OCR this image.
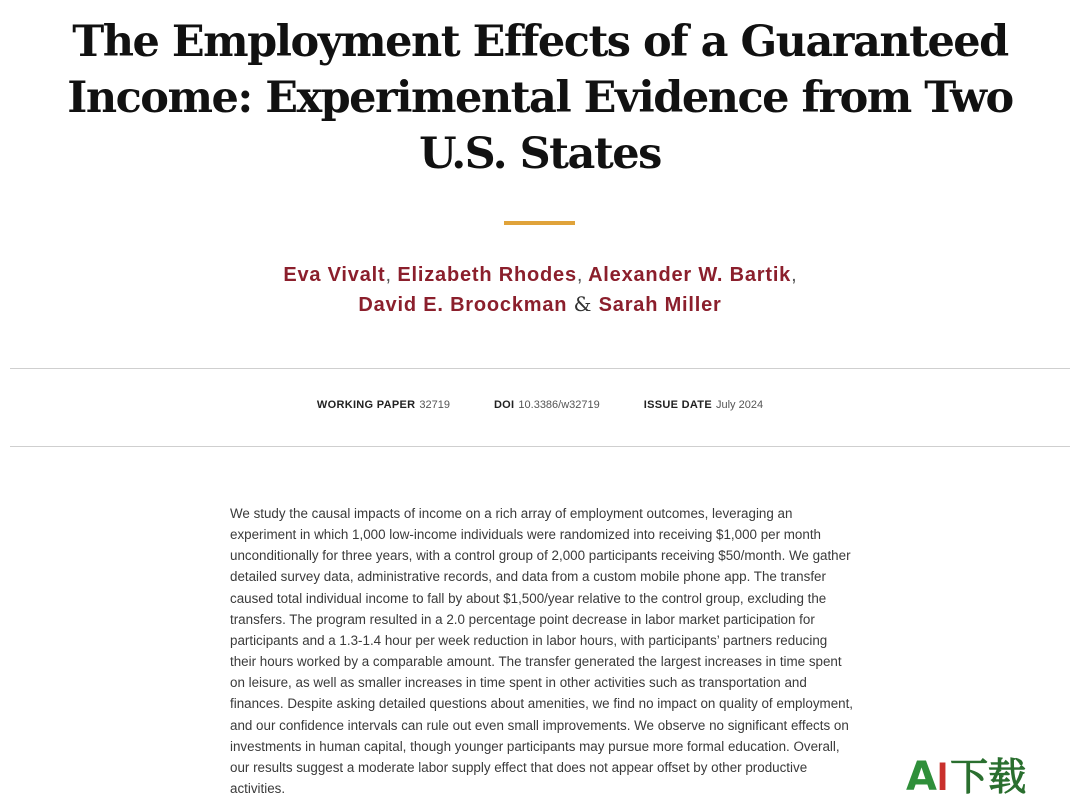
The Employment Effects of a Guaranteed Income: Experimental Evidence from Two U.S. States
Eva Vivalt, Elizabeth Rhodes, Alexander W. Bartik,
David E. Broockman & Sarah Miller
WORKING PAPER 32719	DOI 10.3386/w32719	ISSUE DATE July 2024

We study the causal impacts of income on a rich array of employment outcomes, leveraging an experiment in which 1,000 low-income individuals were randomized into receiving $1,000 per month unconditionally for three years, with a control group of 2,000 participants receiving $50/month. We gather detailed survey data, administrative records, and data from a custom mobile phone app. The transfer caused total individual income to fall by about $1,500/year relative to the control group, excluding the transfers. The program resulted in a 2.0 percentage point decrease in labor market participation for participants and a 1.3-1.4 hour per week reduction in labor hours, with participants’ partners reducing their hours worked by a comparable amount. The transfer generated the largest increases in time spent on leisure, as well as smaller increases in time spent in other activities such as transportation and finances. Despite asking detailed questions about amenities, we find no impact on quality of employment, and our confidence intervals can rule out even small improvements. We observe no significant effects on investments in human capital, though younger participants may pursue more formal education. Overall, our results suggest a moderate labor supply effect that does not appear offset by other productive activities.	A I 下载
